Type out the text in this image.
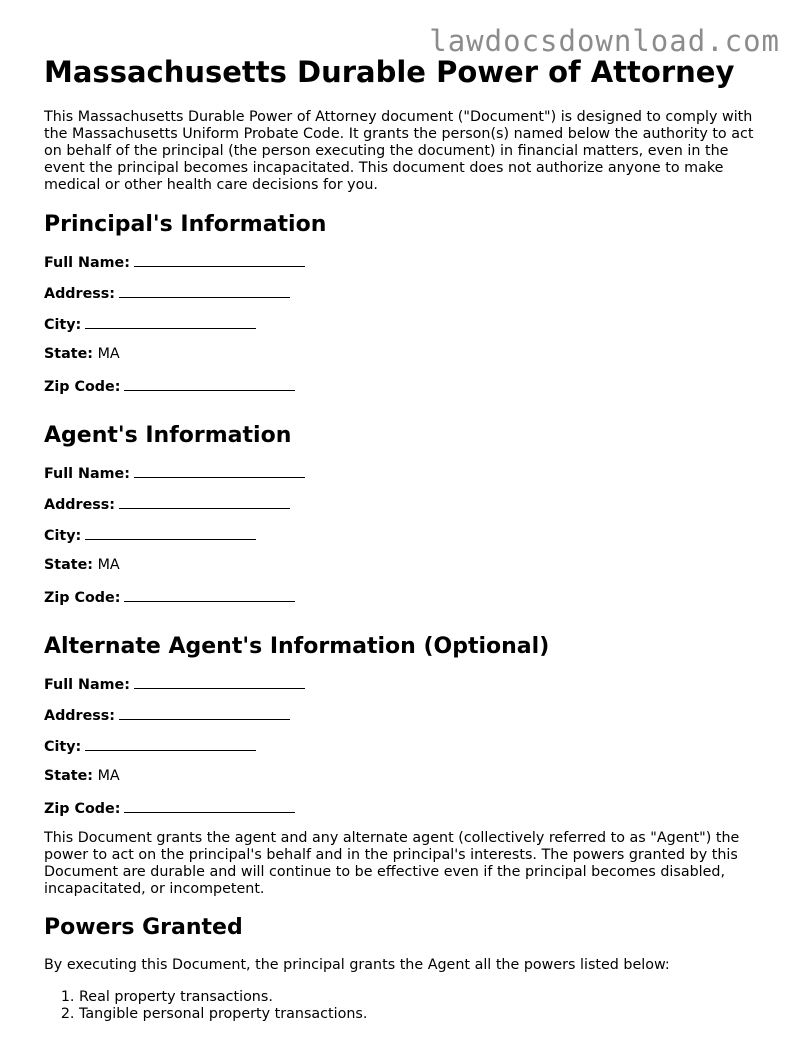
lawdocsdownload.com
Massachusetts Durable Power of Attorney

This Massachusetts Durable Power of Attorney document ("Document") is designed to comply with the Massachusetts Uniform Probate Code. It grants the person(s) named below the authority to act on behalf of the principal (the person executing the document) in financial matters, even in the event the principal becomes incapacitated. This document does not authorize anyone to make medical or other health care decisions for you.

Principal's Information
Full Name:
Address:
City:
State: MA
Zip Code:
Agent's Information
Full Name:
Address:
City:
State: MA
Zip Code:
Alternate Agent's Information (Optional)
Full Name:
Address:
City:
State: MA
Zip Code:

This Document grants the agent and any alternate agent (collectively referred to as "Agent") the power to act on the principal's behalf and in the principal's interests. The powers granted by this Document are durable and will continue to be effective even if the principal becomes disabled, incapacitated, or incompetent.

Powers Granted

By executing this Document, the principal grants the Agent all the powers listed below:

1. Real property transactions.
2. Tangible personal property transactions.
